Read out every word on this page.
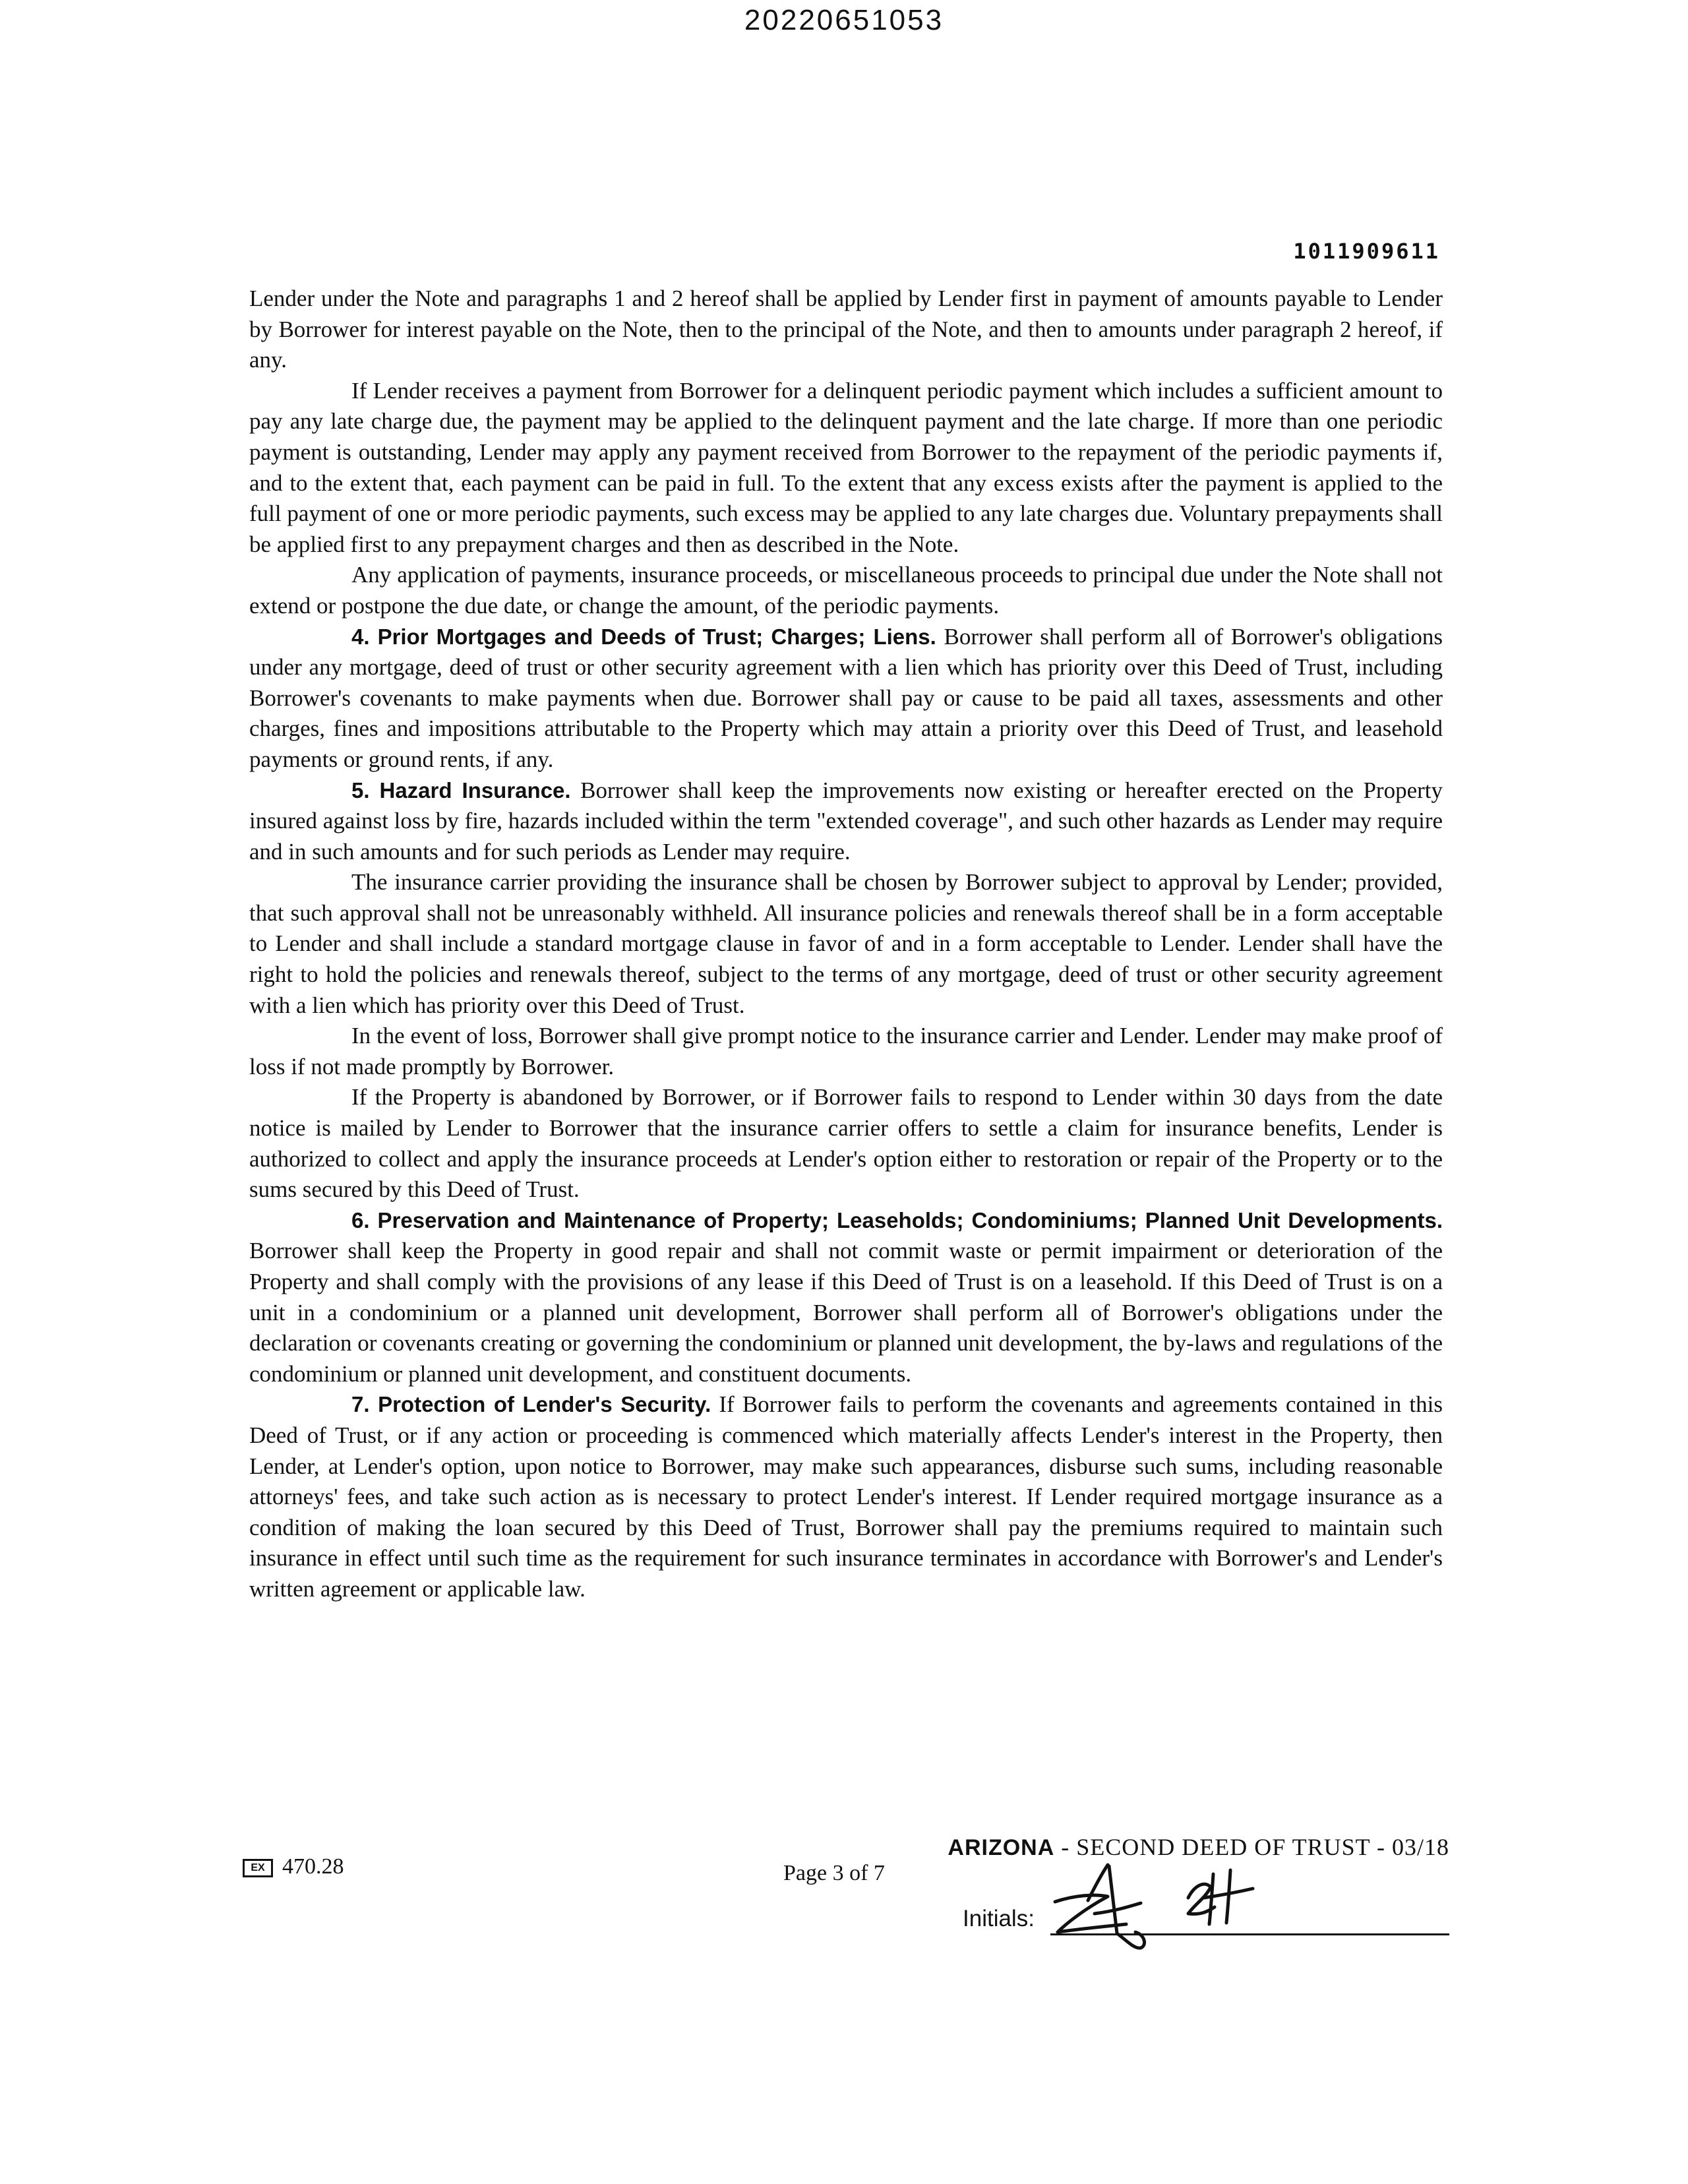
20220651053
1011909611

Lender under the Note and paragraphs 1 and 2 hereof shall be applied by Lender first in payment of amounts payable to Lender by Borrower for interest payable on the Note, then to the principal of the Note, and then to amounts under paragraph 2 hereof, if any.

If Lender receives a payment from Borrower for a delinquent periodic payment which includes a sufficient amount to pay any late charge due, the payment may be applied to the delinquent payment and the late charge. If more than one periodic payment is outstanding, Lender may apply any payment received from Borrower to the repayment of the periodic payments if, and to the extent that, each payment can be paid in full. To the extent that any excess exists after the payment is applied to the full payment of one or more periodic payments, such excess may be applied to any late charges due. Voluntary prepayments shall be applied first to any prepayment charges and then as described in the Note.

Any application of payments, insurance proceeds, or miscellaneous proceeds to principal due under the Note shall not extend or postpone the due date, or change the amount, of the periodic payments.

4. Prior Mortgages and Deeds of Trust; Charges; Liens. Borrower shall perform all of Borrower's obligations under any mortgage, deed of trust or other security agreement with a lien which has priority over this Deed of Trust, including Borrower's covenants to make payments when due. Borrower shall pay or cause to be paid all taxes, assessments and other charges, fines and impositions attributable to the Property which may attain a priority over this Deed of Trust, and leasehold payments or ground rents, if any.

5. Hazard Insurance. Borrower shall keep the improvements now existing or hereafter erected on the Property insured against loss by fire, hazards included within the term "extended coverage", and such other hazards as Lender may require and in such amounts and for such periods as Lender may require.

The insurance carrier providing the insurance shall be chosen by Borrower subject to approval by Lender; provided, that such approval shall not be unreasonably withheld. All insurance policies and renewals thereof shall be in a form acceptable to Lender and shall include a standard mortgage clause in favor of and in a form acceptable to Lender. Lender shall have the right to hold the policies and renewals thereof, subject to the terms of any mortgage, deed of trust or other security agreement with a lien which has priority over this Deed of Trust.

In the event of loss, Borrower shall give prompt notice to the insurance carrier and Lender. Lender may make proof of loss if not made promptly by Borrower.

If the Property is abandoned by Borrower, or if Borrower fails to respond to Lender within 30 days from the date notice is mailed by Lender to Borrower that the insurance carrier offers to settle a claim for insurance benefits, Lender is authorized to collect and apply the insurance proceeds at Lender's option either to restoration or repair of the Property or to the sums secured by this Deed of Trust.

6. Preservation and Maintenance of Property; Leaseholds; Condominiums; Planned Unit Developments. Borrower shall keep the Property in good repair and shall not commit waste or permit impairment or deterioration of the Property and shall comply with the provisions of any lease if this Deed of Trust is on a leasehold. If this Deed of Trust is on a unit in a condominium or a planned unit development, Borrower shall perform all of Borrower's obligations under the declaration or covenants creating or governing the condominium or planned unit development, the by-laws and regulations of the condominium or planned unit development, and constituent documents.

7. Protection of Lender's Security. If Borrower fails to perform the covenants and agreements contained in this Deed of Trust, or if any action or proceeding is commenced which materially affects Lender's interest in the Property, then Lender, at Lender's option, upon notice to Borrower, may make such appearances, disburse such sums, including reasonable attorneys' fees, and take such action as is necessary to protect Lender's interest. If Lender required mortgage insurance as a condition of making the loan secured by this Deed of Trust, Borrower shall pay the premiums required to maintain such insurance in effect until such time as the requirement for such insurance terminates in accordance with Borrower's and Lender's written agreement or applicable law.

EX 470.28
ARIZONA - SECOND DEED OF TRUST - 03/18
Page 3 of 7
Initials:
